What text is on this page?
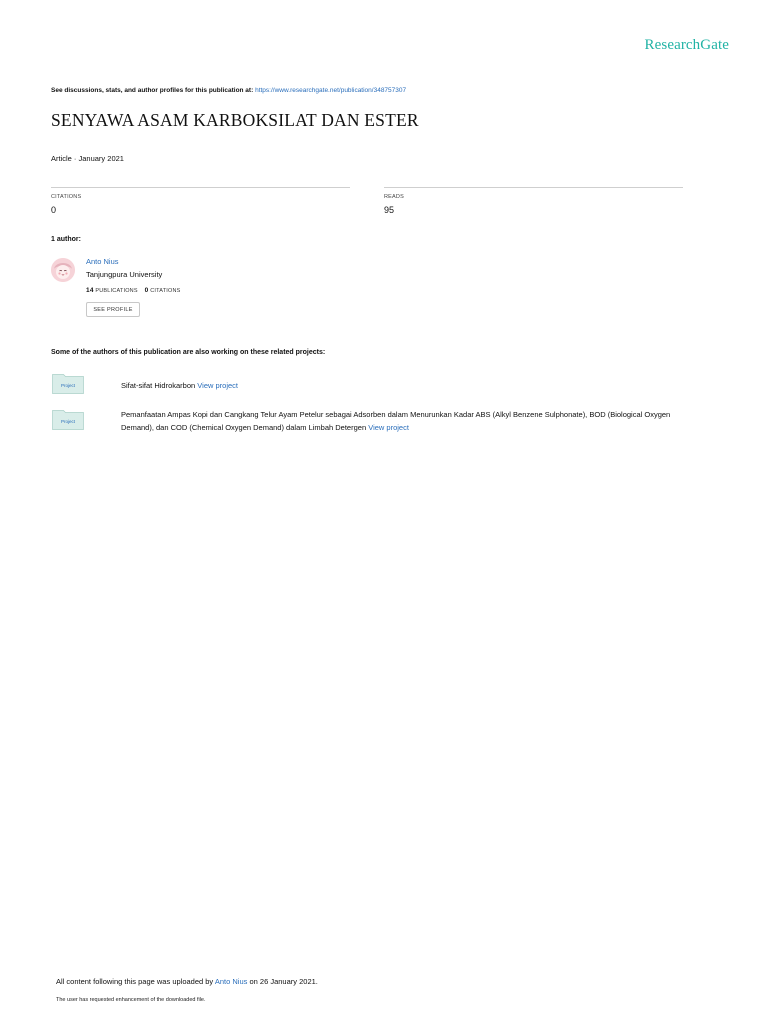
ResearchGate
See discussions, stats, and author profiles for this publication at: https://www.researchgate.net/publication/348757307
SENYAWA ASAM KARBOKSILAT DAN ESTER
Article · January 2021
CITATIONS
0
READS
95
1 author:
Anto Nius
Tanjungpura University
14 PUBLICATIONS 0 CITATIONS
SEE PROFILE
Some of the authors of this publication are also working on these related projects:
Project	Sifat-sifat Hidrokarbon View project
Project
Pemanfaatan Ampas Kopi dan Cangkang Telur Ayam Petelur sebagai Adsorben dalam Menurunkan Kadar ABS (Alkyl Benzene Sulphonate), BOD (Biological Oxygen
Demand), dan COD (Chemical Oxygen Demand) dalam Limbah Detergen View project
All content following this page was uploaded by Anto Nius on 26 January 2021.
The user has requested enhancement of the downloaded file.
